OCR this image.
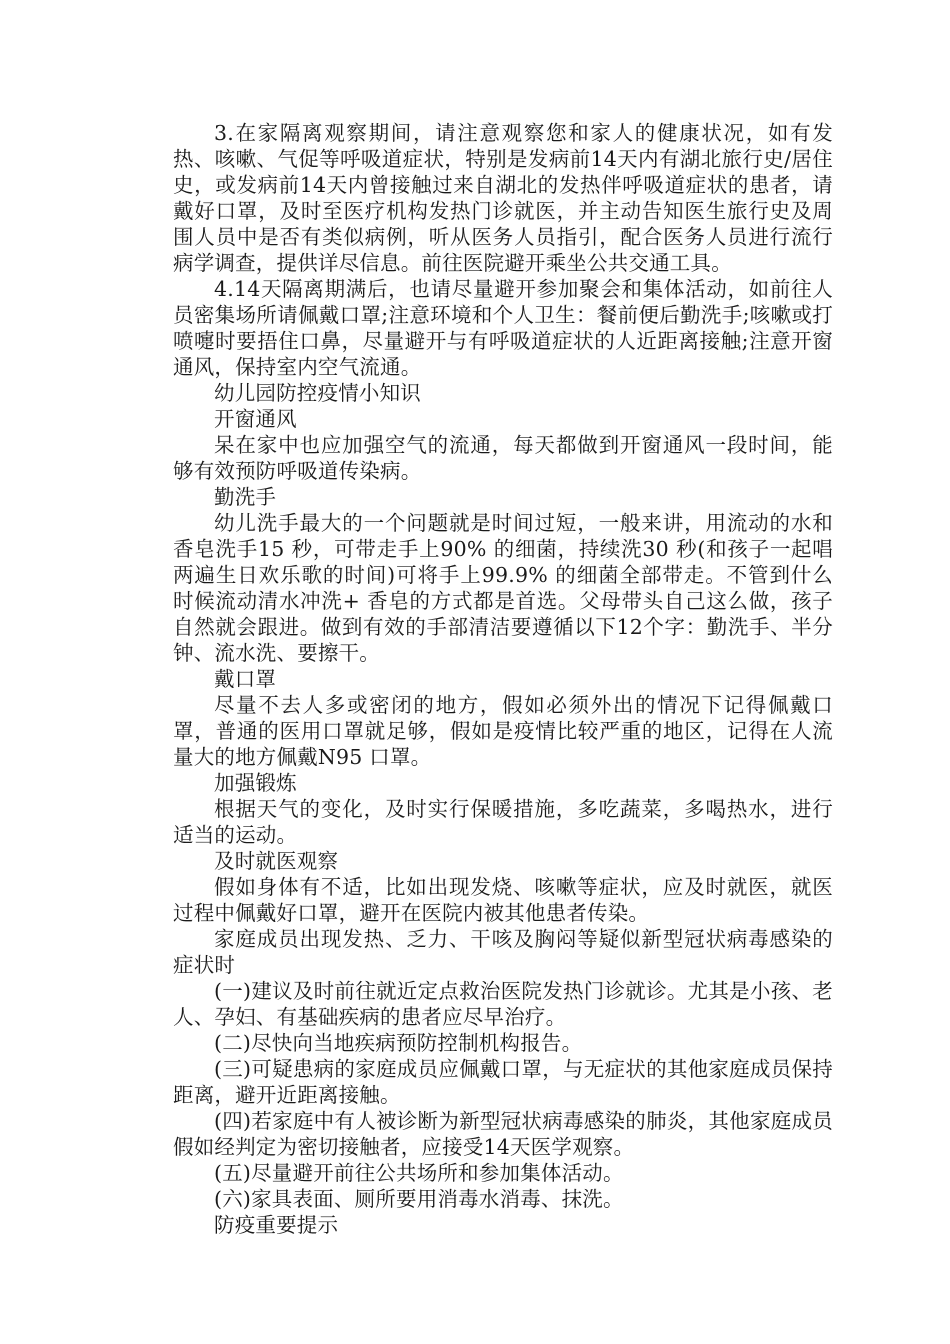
3.在家隔离观察期间，请注意观察您和家人的健康状况，如有发热、咳嗽、气促等呼吸道症状，特别是发病前14天内有湖北旅行史/居住史，或发病前14天内曾接触过来自湖北的发热伴呼吸道症状的患者，请戴好口罩，及时至医疗机构发热门诊就医，并主动告知医生旅行史及周围人员中是否有类似病例，听从医务人员指引，配合医务人员进行流行病学调查，提供详尽信息。前往医院避开乘坐公共交通工具。

4.14天隔离期满后，也请尽量避开参加聚会和集体活动，如前往人员密集场所请佩戴口罩;注意环境和个人卫生：餐前便后勤洗手;咳嗽或打喷嚏时要捂住口鼻，尽量避开与有呼吸道症状的人近距离接触;注意开窗通风，保持室内空气流通。

幼儿园防控疫情小知识

开窗通风

呆在家中也应加强空气的流通，每天都做到开窗通风一段时间，能够有效预防呼吸道传染病。

勤洗手

幼儿洗手最大的一个问题就是时间过短，一般来讲，用流动的水和香皂洗手15 秒，可带走手上90% 的细菌，持续洗30 秒(和孩子一起唱两遍生日欢乐歌的时间)可将手上99.9% 的细菌全部带走。不管到什么时候流动清水冲洗+ 香皂的方式都是首选。父母带头自己这么做，孩子自然就会跟进。做到有效的手部清洁要遵循以下12个字：勤洗手、半分钟、流水洗、要擦干。

戴口罩

尽量不去人多或密闭的地方，假如必须外出的情况下记得佩戴口罩，普通的医用口罩就足够，假如是疫情比较严重的地区，记得在人流量大的地方佩戴N95 口罩。

加强锻炼

根据天气的变化，及时实行保暖措施，多吃蔬菜，多喝热水，进行适当的运动。

及时就医观察

假如身体有不适，比如出现发烧、咳嗽等症状，应及时就医，就医过程中佩戴好口罩，避开在医院内被其他患者传染。

家庭成员出现发热、乏力、干咳及胸闷等疑似新型冠状病毒感染的症状时

(一)建议及时前往就近定点救治医院发热门诊就诊。尤其是小孩、老人、孕妇、有基础疾病的患者应尽早治疗。

(二)尽快向当地疾病预防控制机构报告。

(三)可疑患病的家庭成员应佩戴口罩，与无症状的其他家庭成员保持距离，避开近距离接触。

(四)若家庭中有人被诊断为新型冠状病毒感染的肺炎，其他家庭成员假如经判定为密切接触者，应接受14天医学观察。

(五)尽量避开前往公共场所和参加集体活动。

(六)家具表面、厕所要用消毒水消毒、抹洗。

防疫重要提示
